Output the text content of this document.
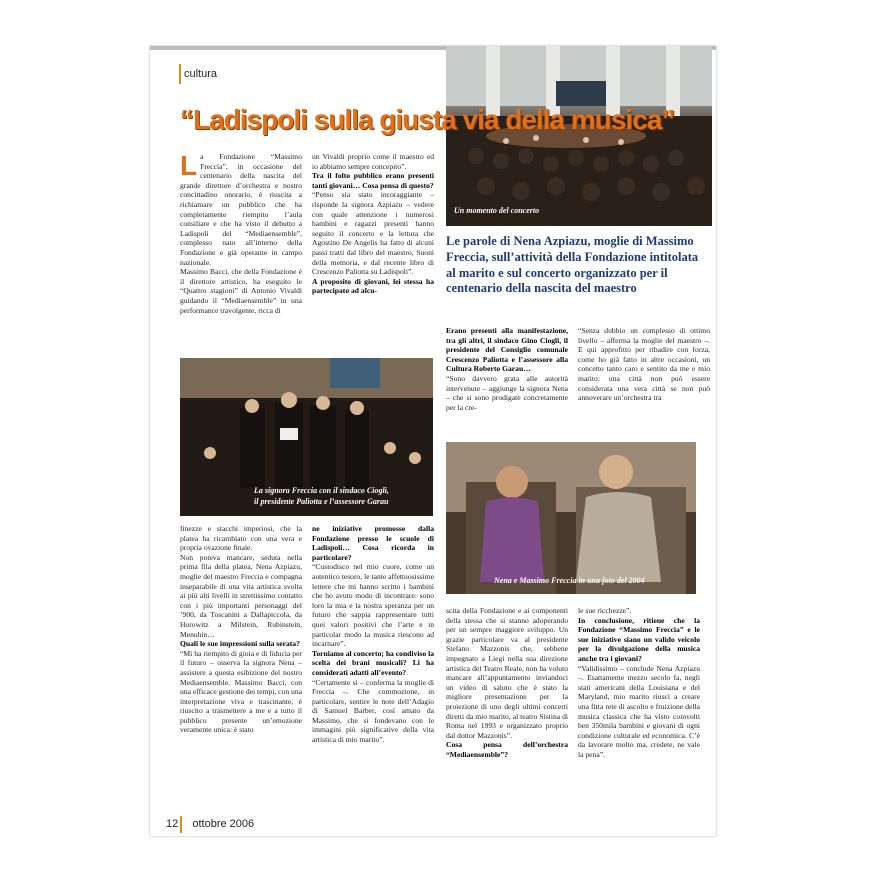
cultura
Un momento del concerto
“Ladispoli sulla giusta via della musica”
Le parole di Nena Azpiazu, moglie di Massimo Freccia, sull’attività della Fondazione intitolata al marito e sul concerto organizzato per il centenario della nascita del maestro

La Fondazione “Massimo Freccia”, in occasione del centenario della nascita del grande direttore d’orchestra e nostro concittadino onorario, è riuscita a richiamare un pubblico che ha completamente riempito l’aula consiliare e che ha visto il debutto a Ladispoli del “Mediaensemble”, complesso nato all’interno della Fondazione e già operante in campo nazionale.

Massimo Bacci, che della Fondazione è il direttore artistico, ha eseguito le “Quattro stagioni” di Antonio Vivaldi guidando il “Mediaensemble” in una performance travolgente, ricca di

un Vivaldi proprio come il maestro ed io abbiamo sempre concepito”.

Tra il folto pubblico erano presenti tanti giovani… Cosa pensa di questo?

“Penso sia stato incoraggiante – risponde la signora Azpiazu – vedere con quale attenzione i numerosi bambini e ragazzi presenti hanno seguito il concerto e la lettura che Agostino De Angelis ha fatto di alcuni passi tratti dal libro del maestro, Suoni della memoria, e dal recente libro di Crescenzo Paliotta su Ladispoli”.

A proposito di giovani, lei stessa ha partecipato ad alcu-

La signora Freccia con il sindaco Ciogli,
il presidente Paliotta e l’assessore Garau

Erano presenti alla manifestazione, tra gli altri, il sindaco Gino Ciogli, il presidente del Consiglio comunale Crescenzo Paliotta e l’assessore alla Cultura Roberto Garau…

“Sono davvero grata alle autorità intervenute – aggiunge la signora Nena – che si sono prodigate concretamente per la cre-

“Senza dubbio un complesso di ottimo livello – afferma la moglie del maestro –. E qui approfitto per ribadire con forza, come ho già fatto in altre occasioni, un concetto tanto caro e sentito da me e mio marito: una città non può essere considerata una vera città se non può annoverare un’orchestra tra

Nena e Massimo Freccia in una foto del 2004

finezze e stacchi imperiosi, che la platea ha ricambiato con una vera e propria ovazione finale.

Non poteva mancare, seduta nella prima fila della platea, Nena Azpiazu, moglie del maestro Freccia e compagna inseparabile di una vita artistica svolta ai più alti livelli in strettissimo contatto con i più importanti personaggi del ’900, da Toscanini a Dallapiccola, da Horowitz a Milstein, Rubinstein, Menuhin…

Quali le sue impressioni sulla serata?

“Mi ha riempito di gioia e di fiducia per il futuro – osserva la signora Nena – assistere a questa esibizione del nostro Mediaensemble. Massimo Bacci, con una efficace gestione dei tempi, con una interpretazione viva e trascinante, è riuscito a trasmettere a me e a tutto il pubblico presente un’emozione veramente unica: è stato

ne iniziative promosse dalla Fondazione presso le scuole di Ladispoli… Cosa ricorda in particolare?

“Custodisco nel mio cuore, come un autentico tesoro, le tante affettuosissime lettere che mi hanno scritto i bambini che ho avuto modo di incontrare: sono loro la mia e la nostra speranza per un futuro che sappia rappresentare tutti quei valori positivi che l’arte e in particolar modo la musica riescono ad incarnare”.

Torniamo al concerto; ha condiviso la scelta dei brani musicali? Li ha considerati adatti all’evento?

“Certamente sì – conferma la moglie di Freccia –. Che commozione, in particolare, sentire le note dell’Adagio di Samuel Barber, così amato da Massimo, che si fondevano con le immagini più significative della vita artistica di mio marito”.

scita della Fondazione e ai componenti della stessa che si stanno adoperando per un sempre maggiore sviluppo. Un grazie particolare va al presidente Stefano Mazzonis che, sebbene impegnato a Liegi nella sua direzione artistica del Teatro Reale, non ha voluto mancare all’appuntamento inviandoci un video di saluto che è stato la migliore presentazione per la proiezione di uno degli ultimi concerti diretti da mio marito, al teatro Sistina di Roma nel 1993 e organizzato proprio dal dottor Mazzonis”.

Cosa pensa dell’orchestra “Mediaensemble”?

le sue ricchezze”.

In conclusione, ritiene che la Fondazione “Massimo Freccia” e le sue iniziative siano un valido veicolo per la divulgazione della musica anche tra i giovani?

“Validissimo – conclude Nena Azpiazu –. Esattamente mezzo secolo fa, negli stati americani della Louisiana e del Maryland, mio marito riuscì a creare una fitta rete di ascolto e fruizione della musica classica che ha visto coinvolti ben 350mila bambini e giovani di ogni condizione culturale ed economica. C’è da lavorare molto ma, credete, ne vale la pena”.

12 ottobre 2006
